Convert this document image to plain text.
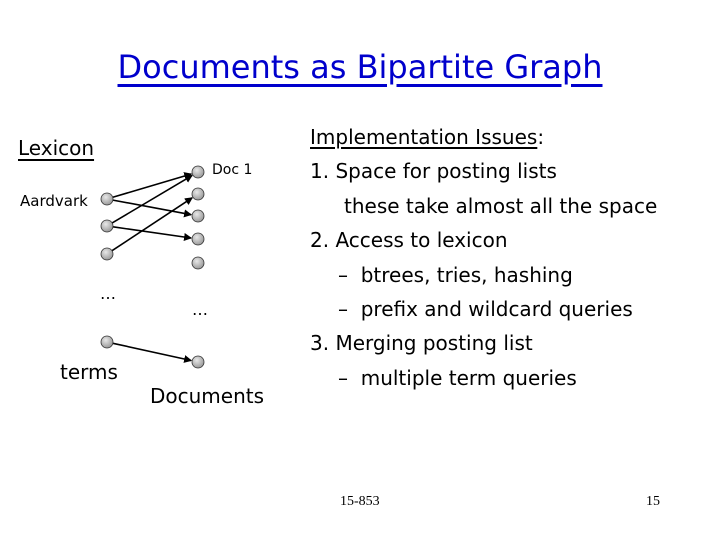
Documents as Bipartite Graph
Lexicon
Aardvark
…
terms
Doc 1
…
Documents
Implementation Issues:
1. Space for posting lists
these take almost all the space
2. Access to lexicon
–  btrees, tries, hashing
–  prefix and wildcard queries
3. Merging posting list
–  multiple term queries
15-853	15
